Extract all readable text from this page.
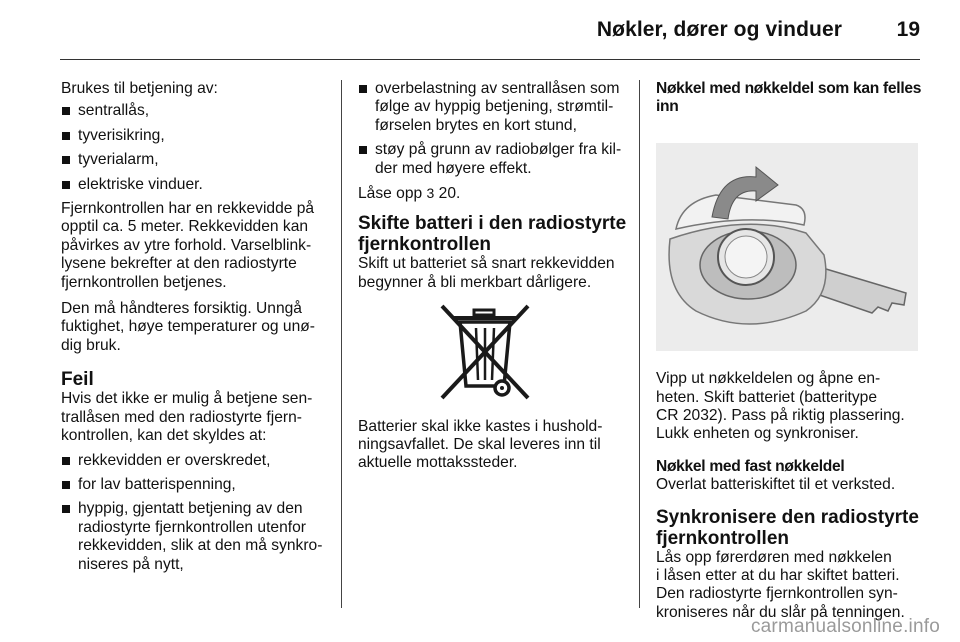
Nøkler, dører og vinduer	19

Brukes til betjening av:

sentrallås,
tyverisikring,
tyverialarm,
elektriske vinduer.

Fjernkontrollen har en rekkevidde på
opptil ca. 5 meter. Rekkevidden kan
påvirkes av ytre forhold. Varselblink-
lysene bekrefter at den radiostyrte
fjernkontrollen betjenes.

Den må håndteres forsiktig. Unngå
fuktighet, høye temperaturer og unø-
dig bruk.

Feil

Hvis det ikke er mulig å betjene sen-
trallåsen med den radiostyrte fjern-
kontrollen, kan det skyldes at:

rekkevidden er overskredet,
for lav batterispenning,
hyppig, gjentatt betjening av den
radiostyrte fjernkontrollen utenfor
rekkevidden, slik at den må synkro-
niseres på nytt,
overbelastning av sentrallåsen som
følge av hyppig betjening, strømtil-
førselen brytes en kort stund,
støy på grunn av radiobølger fra kil-
der med høyere effekt.

Låse opp 3 20.

Skifte batteri i den radiostyrte
fjernkontrollen

Skift ut batteriet så snart rekkevidden
begynner å bli merkbart dårligere.

Batterier skal ikke kastes i hushold-
ningsavfallet. De skal leveres inn til
aktuelle mottakssteder.

Nøkkel med nøkkeldel som kan felles
inn

Vipp ut nøkkeldelen og åpne en-
heten. Skift batteriet (batteritype
CR 2032). Pass på riktig plassering.
Lukk enheten og synkroniser.

Nøkkel med fast nøkkeldel

Overlat batteriskiftet til et verksted.

Synkronisere den radiostyrte
fjernkontrollen

Lås opp førerdøren med nøkkelen
i låsen etter at du har skiftet batteri.
Den radiostyrte fjernkontrollen syn-
kroniseres når du slår på tenningen.

carmanualsonline.info
